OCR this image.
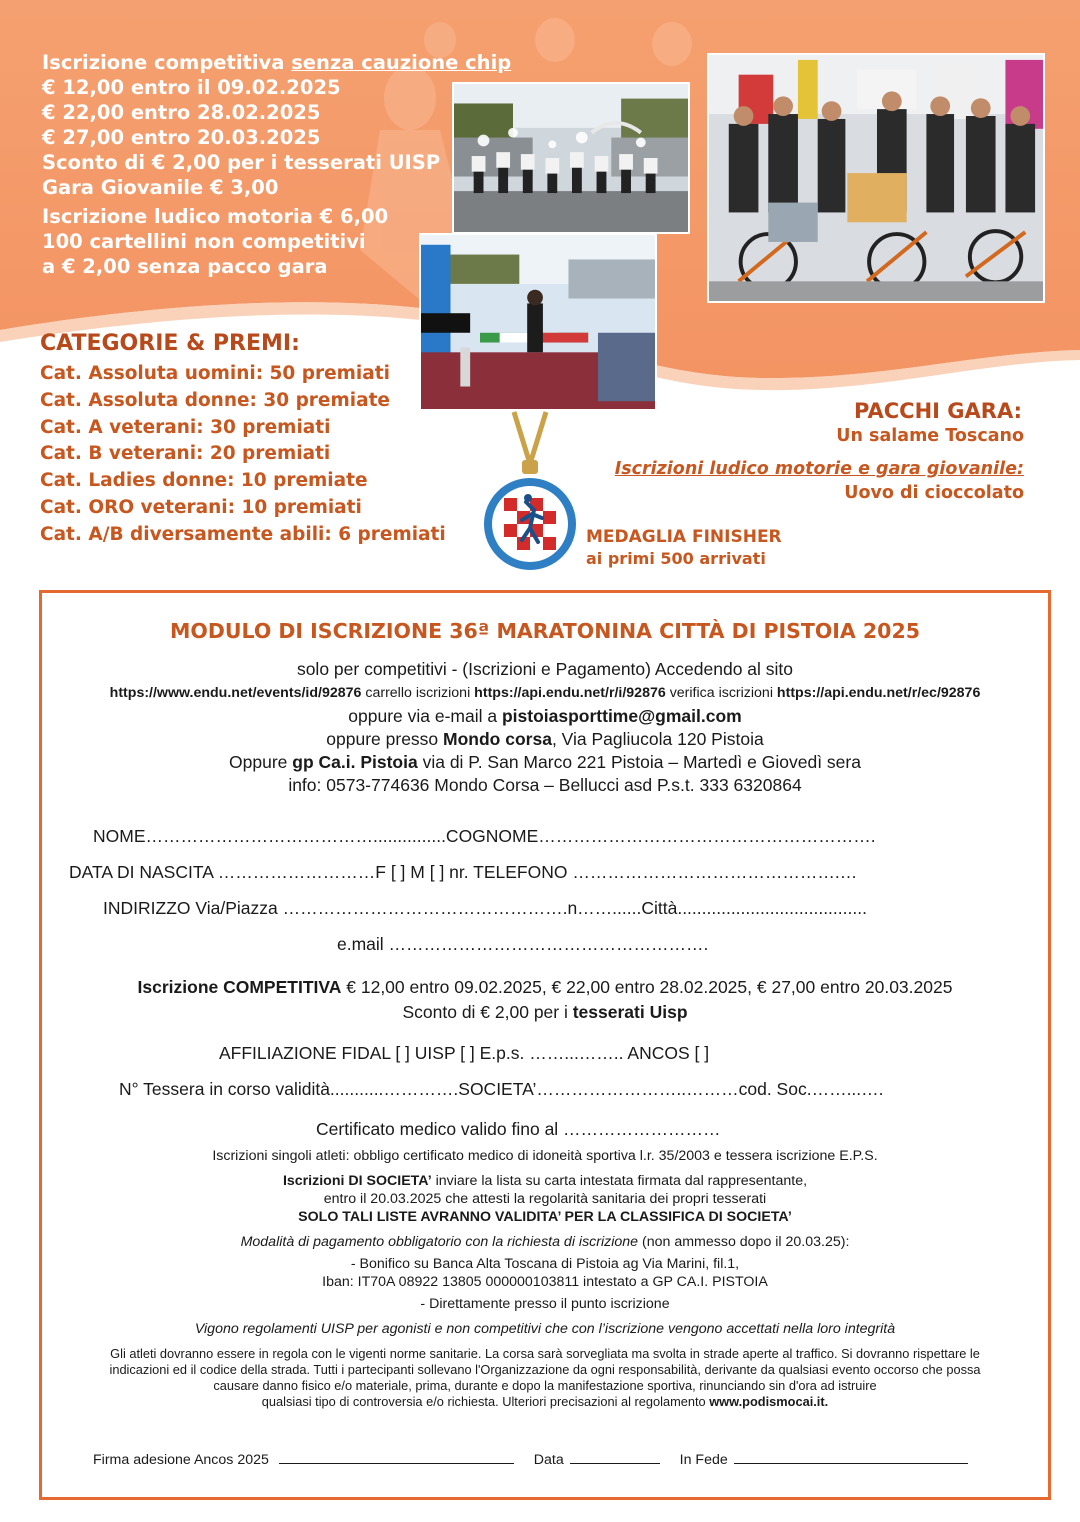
Iscrizione competitiva senza cauzione chip
€ 12,00 entro il 09.02.2025
€ 22,00 entro 28.02.2025
€ 27,00 entro 20.03.2025
Sconto di € 2,00 per i tesserati UISP
Gara Giovanile € 3,00
Iscrizione ludico motoria € 6,00
100 cartellini non competitivi
a € 2,00 senza pacco gara
CATEGORIE & PREMI:
Cat. Assoluta uomini: 50 premiati
Cat. Assoluta donne: 30 premiate
Cat. A veterani: 30 premiati
Cat. B veterani: 20 premiati
Cat. Ladies donne: 10 premiate
Cat. ORO veterani: 10 premiati
Cat. A/B diversamente abili: 6 premiati
PACCHI GARA:
Un salame Toscano
Iscrizioni ludico motorie e gara giovanile:
Uovo di cioccolato
MEDAGLIA FINISHER
ai primi 500 arrivati
MODULO DI ISCRIZIONE 36ª MARATONINA CITTÀ DI PISTOIA 2025
solo per competitivi - (Iscrizioni e Pagamento) Accedendo al sito
https://www.endu.net/events/id/92876 carrello iscrizioni https://api.endu.net/r/i/92876 verifica iscrizioni https://api.endu.net/r/ec/92876
oppure via e-mail a pistoiasporttime@gmail.com
oppure presso Mondo corsa, Via Pagliucola 120 Pistoia
Oppure gp Ca.i. Pistoia via di P. San Marco 221 Pistoia – Martedì e Giovedì sera
info: 0573-774636 Mondo Corsa – Bellucci asd P.s.t. 333 6320864
NOME…………………………………...............COGNOME………………………………………………….
DATA DI NASCITA ………………………F [ ] M [ ] nr. TELEFONO ……………………………………….…
INDIRIZZO Via/Piazza ………………………………………….n……......Città.......................................
e.mail ……………………………………………….
Iscrizione COMPETITIVA € 12,00 entro 09.02.2025, € 22,00 entro 28.02.2025, € 27,00 entro 20.03.2025
Sconto di € 2,00 per i tesserati Uisp
AFFILIAZIONE FIDAL [ ] UISP [ ] E.p.s. ……...…….. ANCOS [ ]
N° Tessera in corso validità...........………….SOCIETA’……………………..………cod. Soc.……...….
Certificato medico valido fino al ………………………
Iscrizioni singoli atleti: obbligo certificato medico di idoneità sportiva l.r. 35/2003 e tessera iscrizione E.P.S.
Iscrizioni DI SOCIETA’ inviare la lista su carta intestata firmata dal rappresentante,
entro il 20.03.2025 che attesti la regolarità sanitaria dei propri tesserati
SOLO TALI LISTE AVRANNO VALIDITA’ PER LA CLASSIFICA DI SOCIETA’
Modalità di pagamento obbligatorio con la richiesta di iscrizione (non ammesso dopo il 20.03.25):
- Bonifico su Banca Alta Toscana di Pistoia ag Via Marini, fil.1,
Iban: IT70A 08922 13805 000000103811 intestato a GP CA.I. PISTOIA
- Direttamente presso il punto iscrizione
Vigono regolamenti UISP per agonisti e non competitivi che con l’iscrizione vengono accettati nella loro integrità
Gli atleti dovranno essere in regola con le vigenti norme sanitarie. La corsa sarà sorvegliata ma svolta in strade aperte al traffico. Si dovranno rispettare le
indicazioni ed il codice della strada. Tutti i partecipanti sollevano l'Organizzazione da ogni responsabilità, derivante da qualsiasi evento occorso che possa
causare danno fisico e/o materiale, prima, durante e dopo la manifestazione sportiva, rinunciando sin d'ora ad istruire
qualsiasi tipo di controversia e/o richiesta. Ulteriori precisazioni al regolamento www.podismocai.it.
Firma adesione Ancos 2025	Data	In Fede
